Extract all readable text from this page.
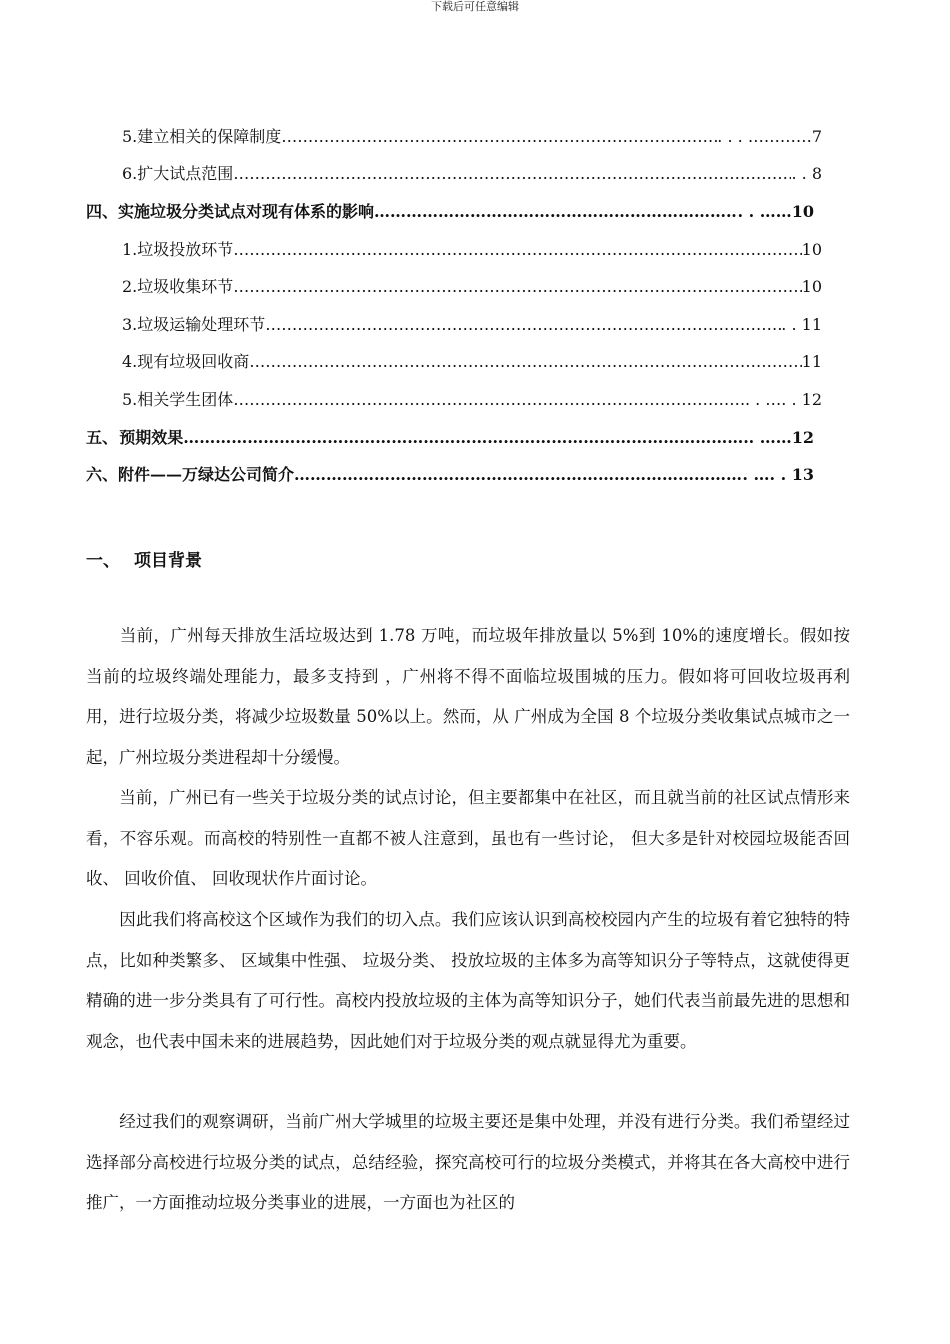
下载后可任意编辑
5.建立相关的保障制度 …………………………………………………………………………………………………………………………………………	. . . …………7
6.扩大试点范围 …………………………………………………………………………………………………………………………………………	. . 8
四、 实施垃圾分类试点对现有体系的影响 ………………………………………………………………………………………………………………………………………	. . ……10
1.垃圾投放环节 …………………………………………………………………………………………………………………………………………	10
2.垃圾收集环节 …………………………………………………………………………………………………………………………………………	10
3.垃圾运输处理环节 …………………………………………………………………………………………………………………………………………	. . 11
4.现有垃圾回收商 …………………………………………………………………………………………………………………………………………	11
5.相关学生团体 …………………………………………………………………………………………………………………………………………	. . …. . 12
五、 预期效果 ………………………………………………………………………………………………………………………………………	. ……12
六、 附件——万绿达公司简介 ………………………………………………………………………………………………………………………………………	. …. . 13
一、 项目背景

　　当前，广州每天排放生活垃圾达到 1.78 万吨，而垃圾年排放量以 5%到 10%的速度增长。假如按当前的垃圾终端处理能力，最多支持到 ，广州将不得不面临垃圾围城的压力。假如将可回收垃圾再利用，进行垃圾分类，将减少垃圾数量 50%以上。然而，从 广州成为全国 8 个垃圾分类收集试点城市之一起，广州垃圾分类进程却十分缓慢。

　　当前，广州已有一些关于垃圾分类的试点讨论，但主要都集中在社区，而且就当前的社区试点情形来看，不容乐观。而高校的特别性一直都不被人注意到，虽也有一些讨论， 但大多是针对校园垃圾能否回收、 回收价值、 回收现状作片面讨论。

　　因此我们将高校这个区域作为我们的切入点。我们应该认识到高校校园内产生的垃圾有着它独特的特点，比如种类繁多、 区域集中性强、 垃圾分类、 投放垃圾的主体多为高等知识分子等特点，这就使得更精确的进一步分类具有了可行性。高校内投放垃圾的主体为高等知识分子，她们代表当前最先进的思想和观念，也代表中国未来的进展趋势，因此她们对于垃圾分类的观点就显得尤为重要。

　　经过我们的观察调研，当前广州大学城里的垃圾主要还是集中处理，并没有进行分类。我们希望经过选择部分高校进行垃圾分类的试点，总结经验，探究高校可行的垃圾分类模式，并将其在各大高校中进行推广，一方面推动垃圾分类事业的进展，一方面也为社区的
